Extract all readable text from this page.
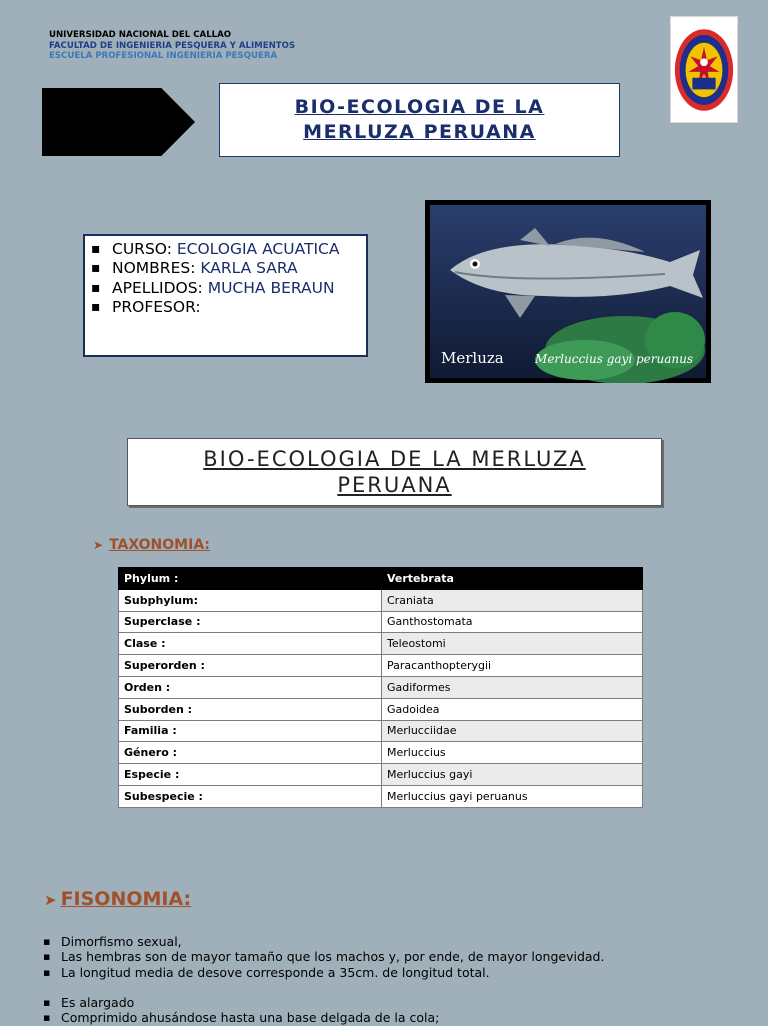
UNIVERSIDAD NACIONAL DEL CALLAO
FACULTAD DE INGENIERIA PESQUERA Y ALIMENTOS
ESCUELA PROFESIONAL INGENIERIA PESQUERA
BIO-ECOLOGIA DE LA MERLUZA PERUANA
▪ CURSO: ECOLOGIA ACUATICA
▪ NOMBRES: KARLA SARA
▪ APELLIDOS: MUCHA BERAUN
▪ PROFESOR:
Merluza	Merluccius gayi peruanus
BIO-ECOLOGIA DE LA MERLUZA PERUANA
➤ TAXONOMIA:
Phylum :	Vertebrata
Subphylum:	Craniata
Superclase :	Ganthostomata
Clase :	Teleostomi
Superorden :	Paracanthopterygii
Orden :	Gadiformes
Suborden :	Gadoidea
Familia :	Merlucciidae
Género :	Merluccius
Especie :	Merluccius gayi
Subespecie :	Merluccius gayi peruanus
➤ FISONOMIA:
▪ Dimorfismo sexual,
▪ Las hembras son de mayor tamaño que los machos y, por ende, de mayor longevidad.
▪ La longitud media de desove corresponde a 35cm. de longitud total.
▪ Es alargado
▪ Comprimido ahusándose hasta una base delgada de la cola;
